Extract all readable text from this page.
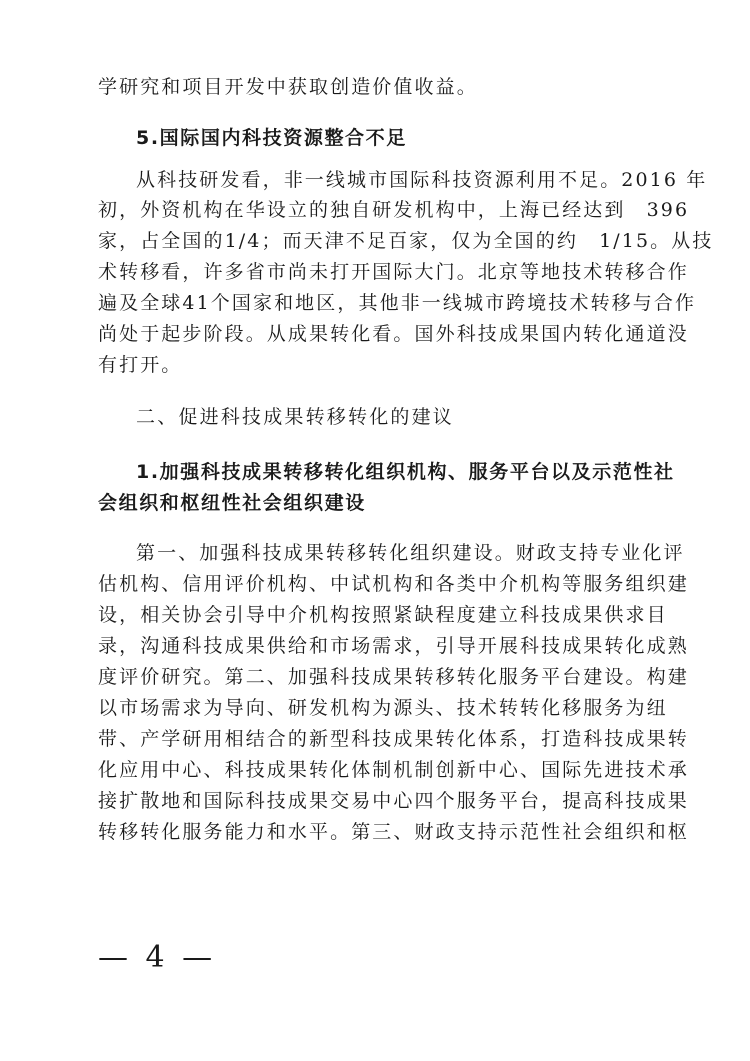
学研究和项目开发中获取创造价值收益。
5.国际国内科技资源整合不足
从科技研发看，非一线城市国际科技资源利用不足。2016 年
初，外资机构在华设立的独自研发机构中，上海已经达到　396
家，占全国的1/4；而天津不足百家，仅为全国的约　1/15。从技
术转移看，许多省市尚未打开国际大门。北京等地技术转移合作
遍及全球41个国家和地区，其他非一线城市跨境技术转移与合作
尚处于起步阶段。从成果转化看。国外科技成果国内转化通道没
有打开。
二、促进科技成果转移转化的建议
1.加强科技成果转移转化组织机构、服务平台以及示范性社
会组织和枢纽性社会组织建设
第一、加强科技成果转移转化组织建设。财政支持专业化评
估机构、信用评价机构、中试机构和各类中介机构等服务组织建
设，相关协会引导中介机构按照紧缺程度建立科技成果供求目
录，沟通科技成果供给和市场需求，引导开展科技成果转化成熟
度评价研究。第二、加强科技成果转移转化服务平台建设。构建
以市场需求为导向、研发机构为源头、技术转转化移服务为纽
带、产学研用相结合的新型科技成果转化体系，打造科技成果转
化应用中心、科技成果转化体制机制创新中心、国际先进技术承
接扩散地和国际科技成果交易中心四个服务平台，提高科技成果
转移转化服务能力和水平。第三、财政支持示范性社会组织和枢
— 4 —
